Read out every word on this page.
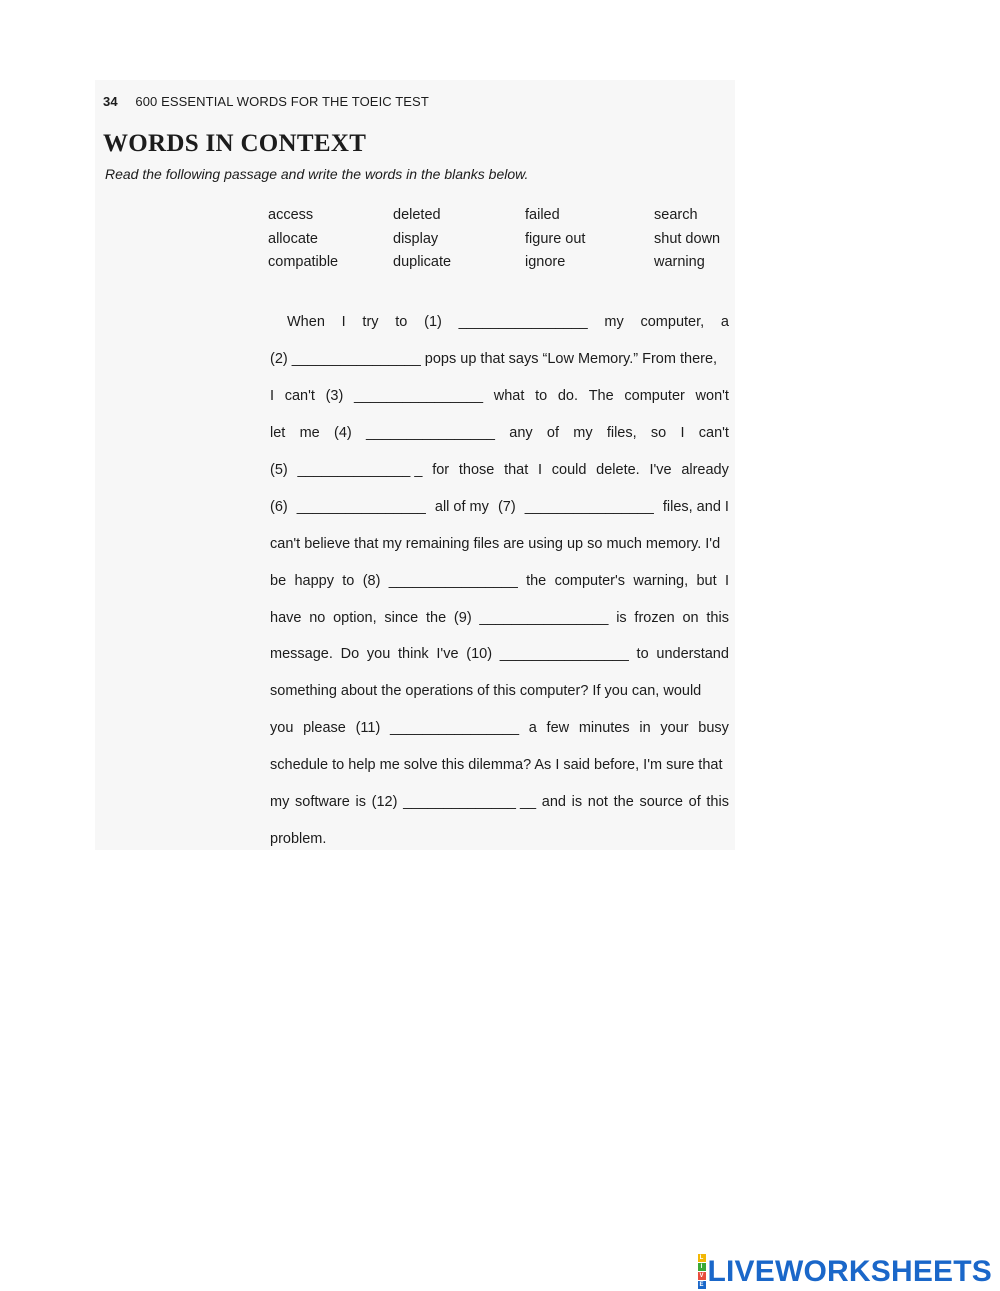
34 600 ESSENTIAL WORDS FOR THE TOEIC TEST
WORDS IN CONTEXT
Read the following passage and write the words in the blanks below.
access	deleted	failed	search
allocate	display	figure out	shut down
compatible	duplicate	ignore	warning
When I try to (1) ________________ my computer, a
(2) ________________ pops up that says “Low Memory.” From there,
I can't (3) ________________ what to do. The computer won't
let me (4) ________________ any of my files, so I can't
(5) ______________ _ for those that I could delete. I've already
(6) ________________ all of my (7) ________________ files, and I
can't believe that my remaining files are using up so much memory. I'd
be happy to (8) ________________ the computer's warning, but I
have no option, since the (9) ________________ is frozen on this
message. Do you think I've (10) ________________ to understand
something about the operations of this computer? If you can, would
you please (11) ________________ a few minutes in your busy
schedule to help me solve this dilemma? As I said before, I'm sure that
my software is (12) ______________ __ and is not the source of this
problem.
L
I
V
E LIVEWORKSHEETS
